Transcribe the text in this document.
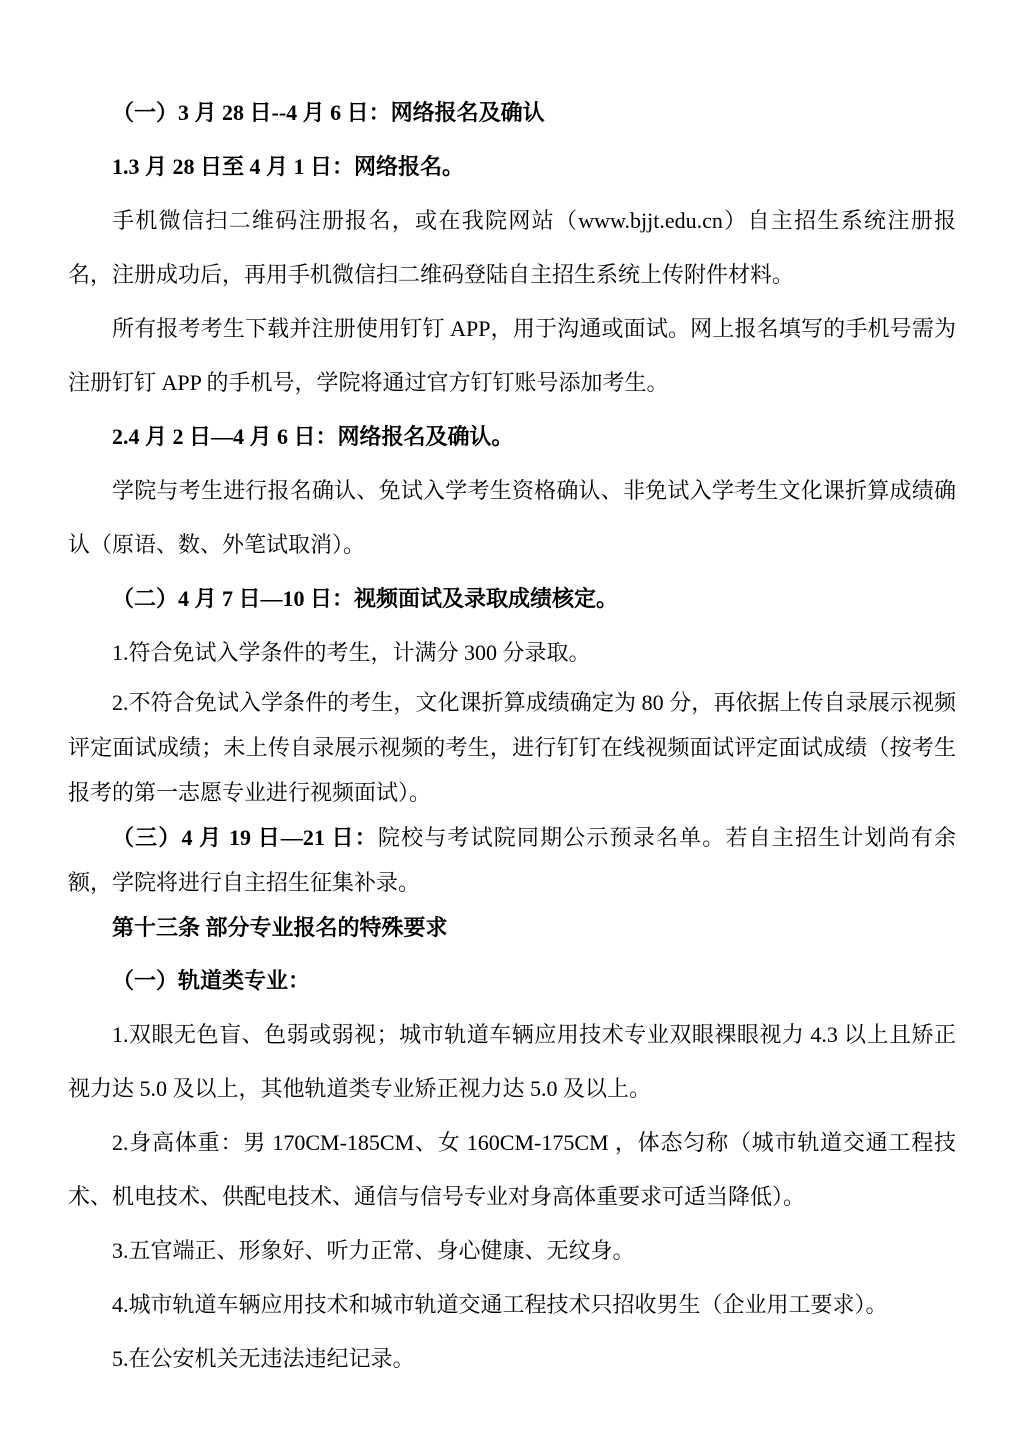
（一）3 月 28 日--4 月 6 日：网络报名及确认

1.3 月 28 日至 4 月 1 日：网络报名。

手机微信扫二维码注册报名，或在我院网站（www.bjjt.edu.cn）自主招生系统注册报名，注册成功后，再用手机微信扫二维码登陆自主招生系统上传附件材料。

所有报考考生下载并注册使用钉钉 APP，用于沟通或面试。网上报名填写的手机号需为注册钉钉 APP 的手机号，学院将通过官方钉钉账号添加考生。

2.4 月 2 日—4 月 6 日：网络报名及确认。

学院与考生进行报名确认、免试入学考生资格确认、非免试入学考生文化课折算成绩确认（原语、数、外笔试取消）。

（二）4 月 7 日—10 日：视频面试及录取成绩核定。

1.符合免试入学条件的考生，计满分 300 分录取。

2.不符合免试入学条件的考生，文化课折算成绩确定为 80 分，再依据上传自录展示视频评定面试成绩；未上传自录展示视频的考生，进行钉钉在线视频面试评定面试成绩（按考生报考的第一志愿专业进行视频面试）。

（三）4 月 19 日—21 日：院校与考试院同期公示预录名单。若自主招生计划尚有余额，学院将进行自主招生征集补录。

第十三条 部分专业报名的特殊要求

（一）轨道类专业：

1.双眼无色盲、色弱或弱视；城市轨道车辆应用技术专业双眼裸眼视力 4.3 以上且矫正视力达 5.0 及以上，其他轨道类专业矫正视力达 5.0 及以上。

2.身高体重：男 170CM-185CM、女 160CM-175CM ，体态匀称（城市轨道交通工程技术、机电技术、供配电技术、通信与信号专业对身高体重要求可适当降低）。

3.五官端正、形象好、听力正常、身心健康、无纹身。

4.城市轨道车辆应用技术和城市轨道交通工程技术只招收男生（企业用工要求）。

5.在公安机关无违法违纪记录。
